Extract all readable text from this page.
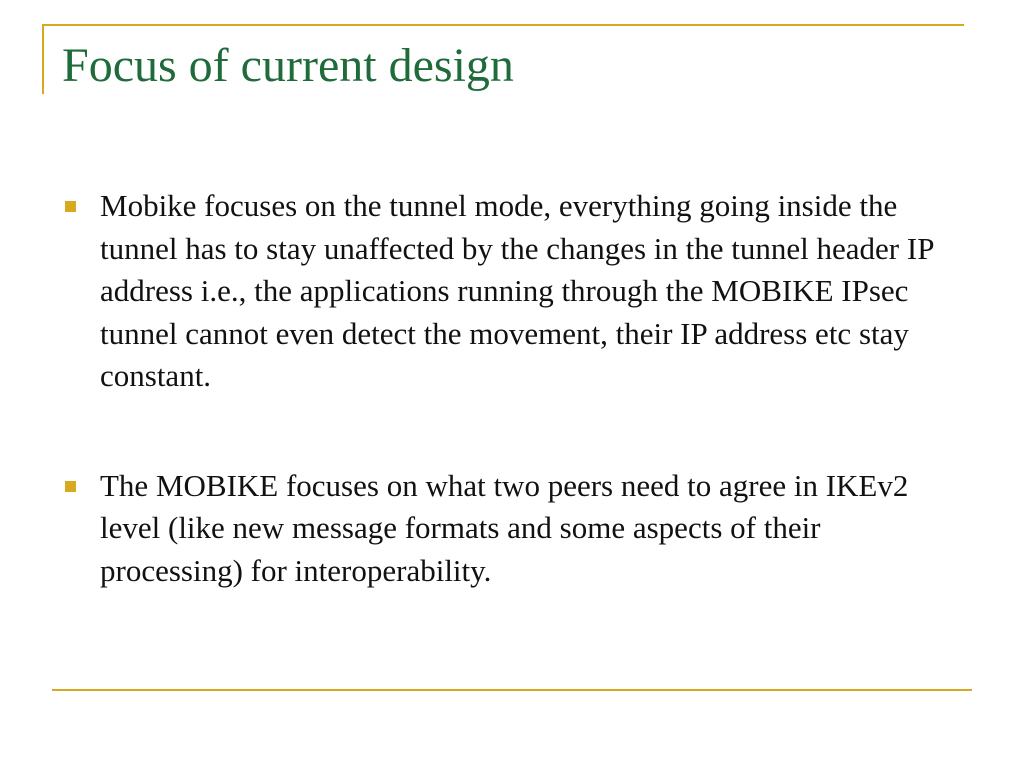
Focus of current design
Mobike focuses on the tunnel mode, everything going inside the tunnel has to stay unaffected by the changes in the tunnel header IP address i.e., the applications running through the MOBIKE IPsec tunnel cannot even detect the movement, their IP address etc stay constant.
The MOBIKE focuses on what two peers need to agree in IKEv2 level (like new message formats and some aspects of their processing) for interoperability.
